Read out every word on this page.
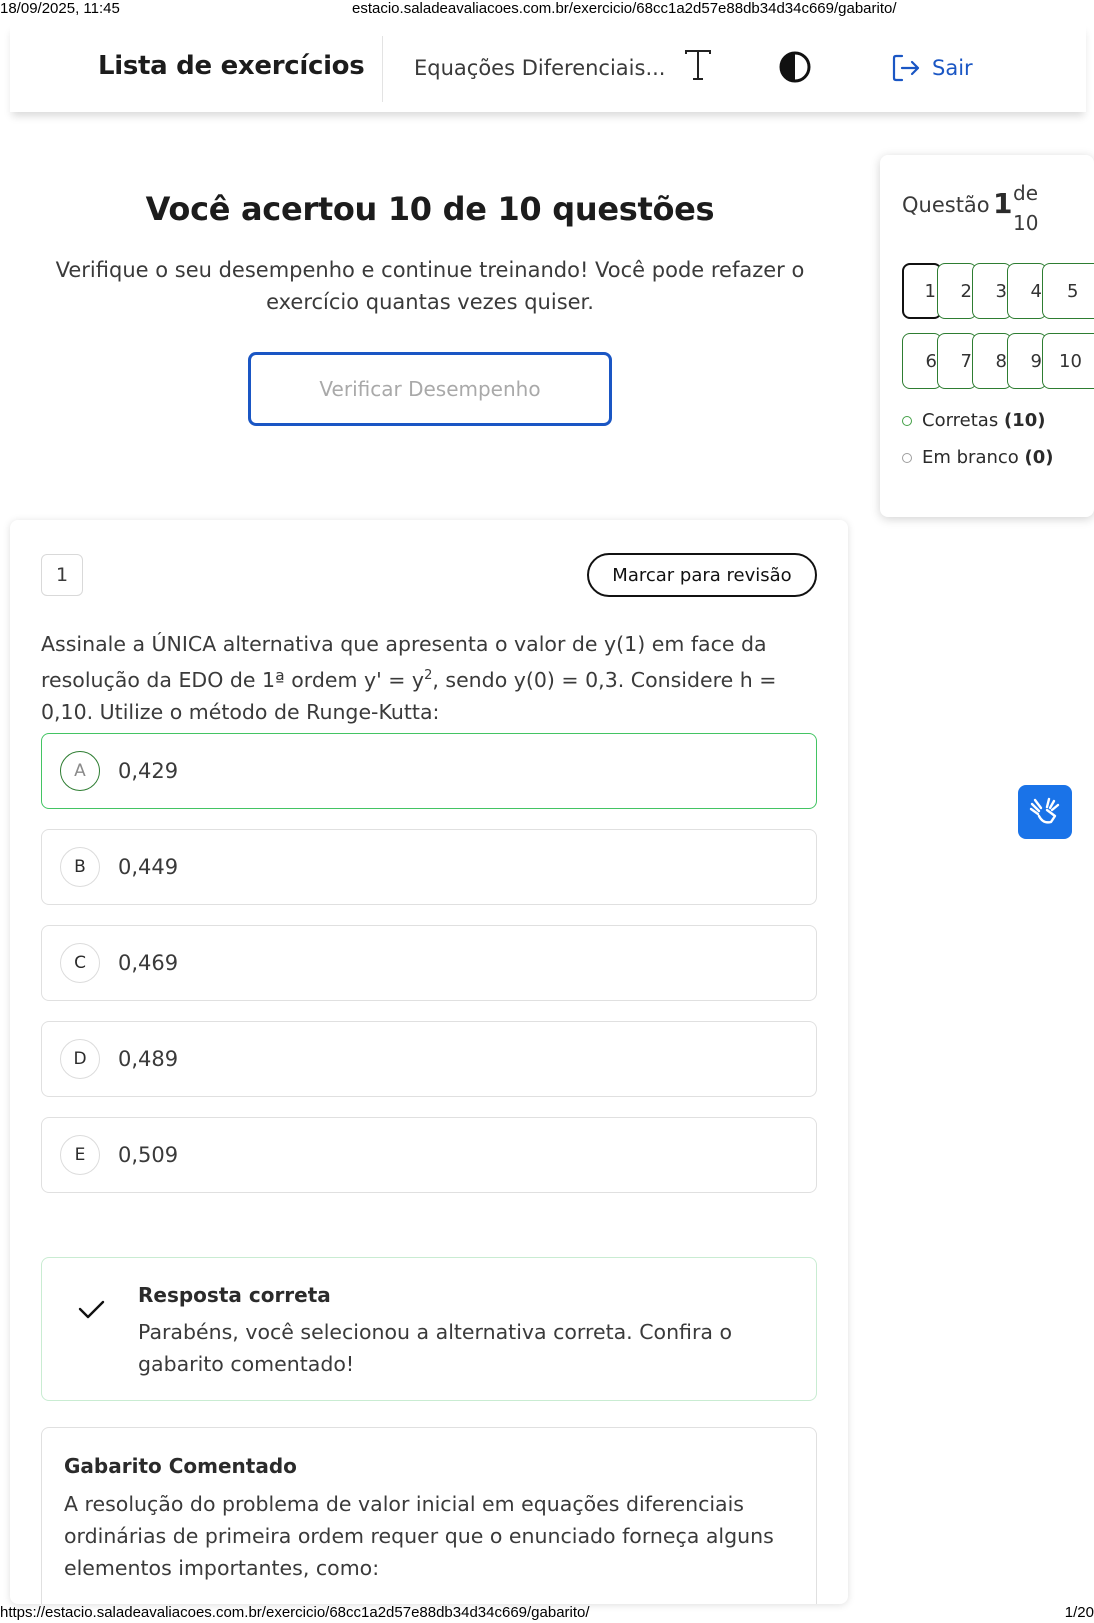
18/09/2025, 11:45	estacio.saladeavaliacoes.com.br/exercicio/68cc1a2d57e88db34d34c669/gabarito/
Lista de exercícios Equações Diferenciais...	Sair
Você acertou 10 de 10 questões
Verifique o seu desempenho e continue treinando! Você pode refazer o exercício quantas vezes quiser.
Verificar Desempenho
Questão 1 de
10
1	2	3	4	5
6	7	8	9 10
Corretas (10)
Em branco (0)
1	Marcar para revisão
Assinale a ÚNICA alternativa que apresenta o valor de y(1) em face da resolução da EDO de 1ª ordem $y' = y^2$, sendo y(0) = 0,3. Considere h = 0,10. Utilize o método de Runge-Kutta:
A	0,429
B	0,449
C	0,469
D	0,489
E	0,509
Resposta correta
Parabéns, você selecionou a alternativa correta. Confira o gabarito comentado!
Gabarito Comentado
A resolução do problema de valor inicial em equações diferenciais ordinárias de primeira ordem requer que o enunciado forneça alguns elementos importantes, como:
https://estacio.saladeavaliacoes.com.br/exercicio/68cc1a2d57e88db34d34c669/gabarito/	1/20
